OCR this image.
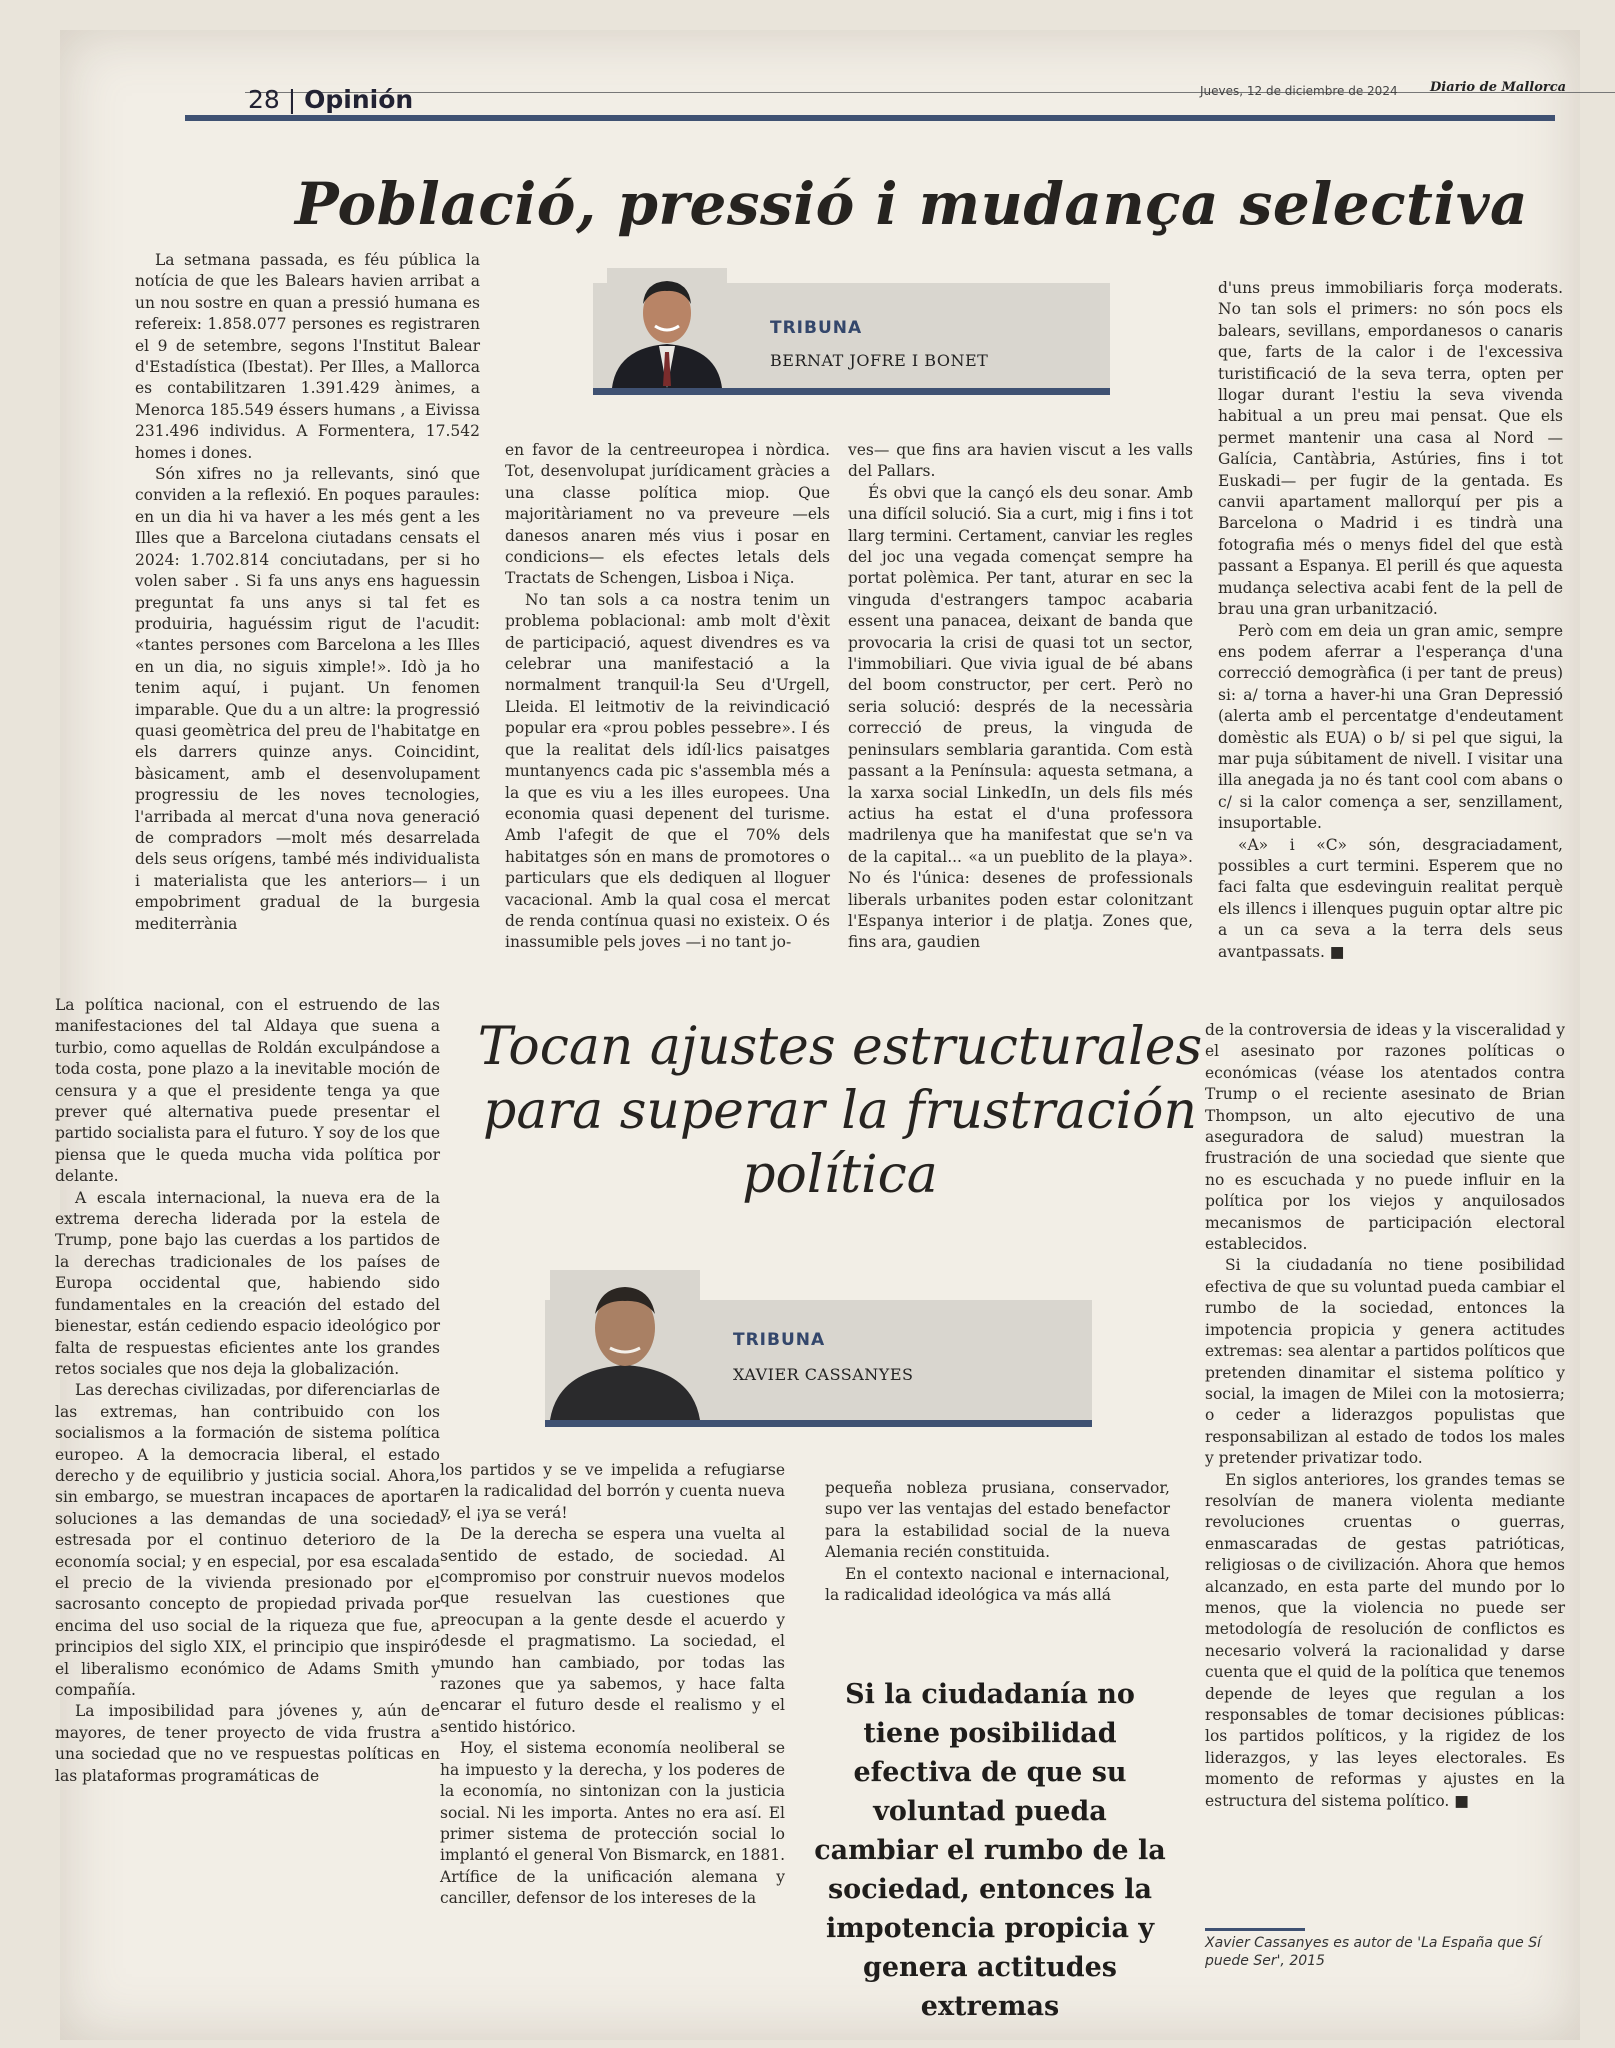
28 | Opinión	Jueves, 12 de diciembre de 2024 Diario de Mallorca
Població, pressió i mudança selectiva
TRIBUNA
BERNAT JOFRE I BONET

La setmana passada, es féu pública la notícia de que les Balears havien arribat a un nou sostre en quan a pressió humana es refereix: 1.858.077 persones es registraren el 9 de setembre, segons l'Institut Balear d'Estadística (Ibestat). Per Illes, a Mallorca es contabilitzaren 1.391.429 ànimes, a Menorca 185.549 éssers humans , a Eivissa 231.496 individus. A Formentera, 17.542 homes i dones.

Són xifres no ja rellevants, sinó que conviden a la reflexió. En poques paraules: en un dia hi va haver a les més gent a les Illes que a Barcelona ciutadans censats el 2024: 1.702.814 conciutadans, per si ho volen saber . Si fa uns anys ens haguessin preguntat fa uns anys si tal fet es produiria, haguéssim rigut de l'acudit: «tantes persones com Barcelona a les Illes en un dia, no siguis ximple!». Idò ja ho tenim aquí, i pujant. Un fenomen imparable. Que du a un altre: la progressió quasi geomètrica del preu de l'habitatge en els darrers quinze anys. Coincidint, bàsicament, amb el desenvolupament progressiu de les noves tecnologies, l'arribada al mercat d'una nova generació de compradors —molt més desarrelada dels seus orígens, també més individualista i materialista que les anteriors— i un empobriment gradual de la burgesia mediterrània

en favor de la centreeuropea i nòrdica. Tot, desenvolupat jurídicament gràcies a una classe política miop. Que majoritàriament no va preveure —els danesos anaren més vius i posar en condicions— els efectes letals dels Tractats de Schengen, Lisboa i Niça.

No tan sols a ca nostra tenim un problema poblacional: amb molt d'èxit de participació, aquest divendres es va celebrar una manifestació a la normalment tranquil·la Seu d'Urgell, Lleida. El leitmotiv de la reivindicació popular era «prou pobles pessebre». I és que la realitat dels idíl·lics paisatges muntanyencs cada pic s'assembla més a la que es viu a les illes europees. Una economia quasi depenent del turisme. Amb l'afegit de que el 70% dels habitatges són en mans de promotores o particulars que els dediquen al lloguer vacacional. Amb la qual cosa el mercat de renda contínua quasi no existeix. O és inassumible pels joves —i no tant jo-

ves— que fins ara havien viscut a les valls del Pallars.

És obvi que la cançó els deu sonar. Amb una difícil solució. Sia a curt, mig i fins i tot llarg termini. Certament, canviar les regles del joc una vegada començat sempre ha portat polèmica. Per tant, aturar en sec la vinguda d'estrangers tampoc acabaria essent una panacea, deixant de banda que provocaria la crisi de quasi tot un sector, l'immobiliari. Que vivia igual de bé abans del boom constructor, per cert. Però no seria solució: després de la necessària correcció de preus, la vinguda de peninsulars semblaria garantida. Com està passant a la Península: aquesta setmana, a la xarxa social LinkedIn, un dels fils més actius ha estat el d'una professora madrilenya que ha manifestat que se'n va de la capital... «a un pueblito de la playa». No és l'única: desenes de professionals liberals urbanites poden estar colonitzant l'Espanya interior i de platja. Zones que, fins ara, gaudien

d'uns preus immobiliaris força moderats. No tan sols el primers: no són pocs els balears, sevillans, empordanesos o canaris que, farts de la calor i de l'excessiva turistificació de la seva terra, opten per llogar durant l'estiu la seva vivenda habitual a un preu mai pensat. Que els permet mantenir una casa al Nord —Galícia, Cantàbria, Astúries, fins i tot Euskadi— per fugir de la gentada. Es canvii apartament mallorquí per pis a Barcelona o Madrid i es tindrà una fotografia més o menys fidel del que està passant a Espanya. El perill és que aquesta mudança selectiva acabi fent de la pell de brau una gran urbanització.

Però com em deia un gran amic, sempre ens podem aferrar a l'esperança d'una correcció demogràfica (i per tant de preus) si: a/ torna a haver-hi una Gran Depressió (alerta amb el percentatge d'endeutament domèstic als EUA) o b/ si pel que sigui, la mar puja súbitament de nivell. I visitar una illa anegada ja no és tant cool com abans o c/ si la calor comença a ser, senzillament, insuportable.

«A» i «C» són, desgraciadament, possibles a curt termini. Esperem que no faci falta que esdevinguin realitat perquè els illencs i illenques puguin optar altre pic a un ca seva a la terra dels seus avantpassats. ■

Tocan ajustes estructurales para superar la frustración política
TRIBUNA
XAVIER CASSANYES

La política nacional, con el estruendo de las manifestaciones del tal Aldaya que suena a turbio, como aquellas de Roldán exculpándose a toda costa, pone plazo a la inevitable moción de censura y a que el presidente tenga ya que prever qué alternativa puede presentar el partido socialista para el futuro. Y soy de los que piensa que le queda mucha vida política por delante.

A escala internacional, la nueva era de la extrema derecha liderada por la estela de Trump, pone bajo las cuerdas a los partidos de la derechas tradicionales de los países de Europa occidental que, habiendo sido fundamentales en la creación del estado del bienestar, están cediendo espacio ideológico por falta de respuestas eficientes ante los grandes retos sociales que nos deja la globalización.

Las derechas civilizadas, por diferenciarlas de las extremas, han contribuido con los socialismos a la formación de sistema política europeo. A la democracia liberal, el estado derecho y de equilibrio y justicia social. Ahora, sin embargo, se muestran incapaces de aportar soluciones a las demandas de una sociedad estresada por el continuo deterioro de la economía social; y en especial, por esa escalada el precio de la vivienda presionado por el sacrosanto concepto de propiedad privada por encima del uso social de la riqueza que fue, a principios del siglo XIX, el principio que inspiró el liberalismo económico de Adams Smith y compañía.

La imposibilidad para jóvenes y, aún de mayores, de tener proyecto de vida frustra a una sociedad que no ve respuestas políticas en las plataformas programáticas de

los partidos y se ve impelida a refugiarse en la radicalidad del borrón y cuenta nueva y, el ¡ya se verá!

De la derecha se espera una vuelta al sentido de estado, de sociedad. Al compromiso por construir nuevos modelos que resuelvan las cuestiones que preocupan a la gente desde el acuerdo y desde el pragmatismo. La sociedad, el mundo han cambiado, por todas las razones que ya sabemos, y hace falta encarar el futuro desde el realismo y el sentido histórico.

Hoy, el sistema economía neoliberal se ha impuesto y la derecha, y los poderes de la economía, no sintonizan con la justicia social. Ni les importa. Antes no era así. El primer sistema de protección social lo implantó el general Von Bismarck, en 1881. Artífice de la unificación alemana y canciller, defensor de los intereses de la

pequeña nobleza prusiana, conservador, supo ver las ventajas del estado benefactor para la estabilidad social de la nueva Alemania recién constituida.

En el contexto nacional e internacional, la radicalidad ideológica va más allá

Si la ciudadanía no tiene posibilidad efectiva de que su voluntad pueda cambiar el rumbo de la sociedad, entonces la impotencia propicia y genera actitudes extremas

de la controversia de ideas y la visceralidad y el asesinato por razones políticas o económicas (véase los atentados contra Trump o el reciente asesinato de Brian Thompson, un alto ejecutivo de una aseguradora de salud) muestran la frustración de una sociedad que siente que no es escuchada y no puede influir en la política por los viejos y anquilosados mecanismos de participación electoral establecidos.

Si la ciudadanía no tiene posibilidad efectiva de que su voluntad pueda cambiar el rumbo de la sociedad, entonces la impotencia propicia y genera actitudes extremas: sea alentar a partidos políticos que pretenden dinamitar el sistema político y social, la imagen de Milei con la motosierra; o ceder a liderazgos populistas que responsabilizan al estado de todos los males y pretender privatizar todo.

En siglos anteriores, los grandes temas se resolvían de manera violenta mediante revoluciones cruentas o guerras, enmascaradas de gestas patrióticas, religiosas o de civilización. Ahora que hemos alcanzado, en esta parte del mundo por lo menos, que la violencia no puede ser metodología de resolución de conflictos es necesario volverá la racionalidad y darse cuenta que el quid de la política que tenemos depende de leyes que regulan a los responsables de tomar decisiones públicas: los partidos políticos, y la rigidez de los liderazgos, y las leyes electorales. Es momento de reformas y ajustes en la estructura del sistema político. ■

Xavier Cassanyes es autor de 'La España que Sí puede Ser', 2015
